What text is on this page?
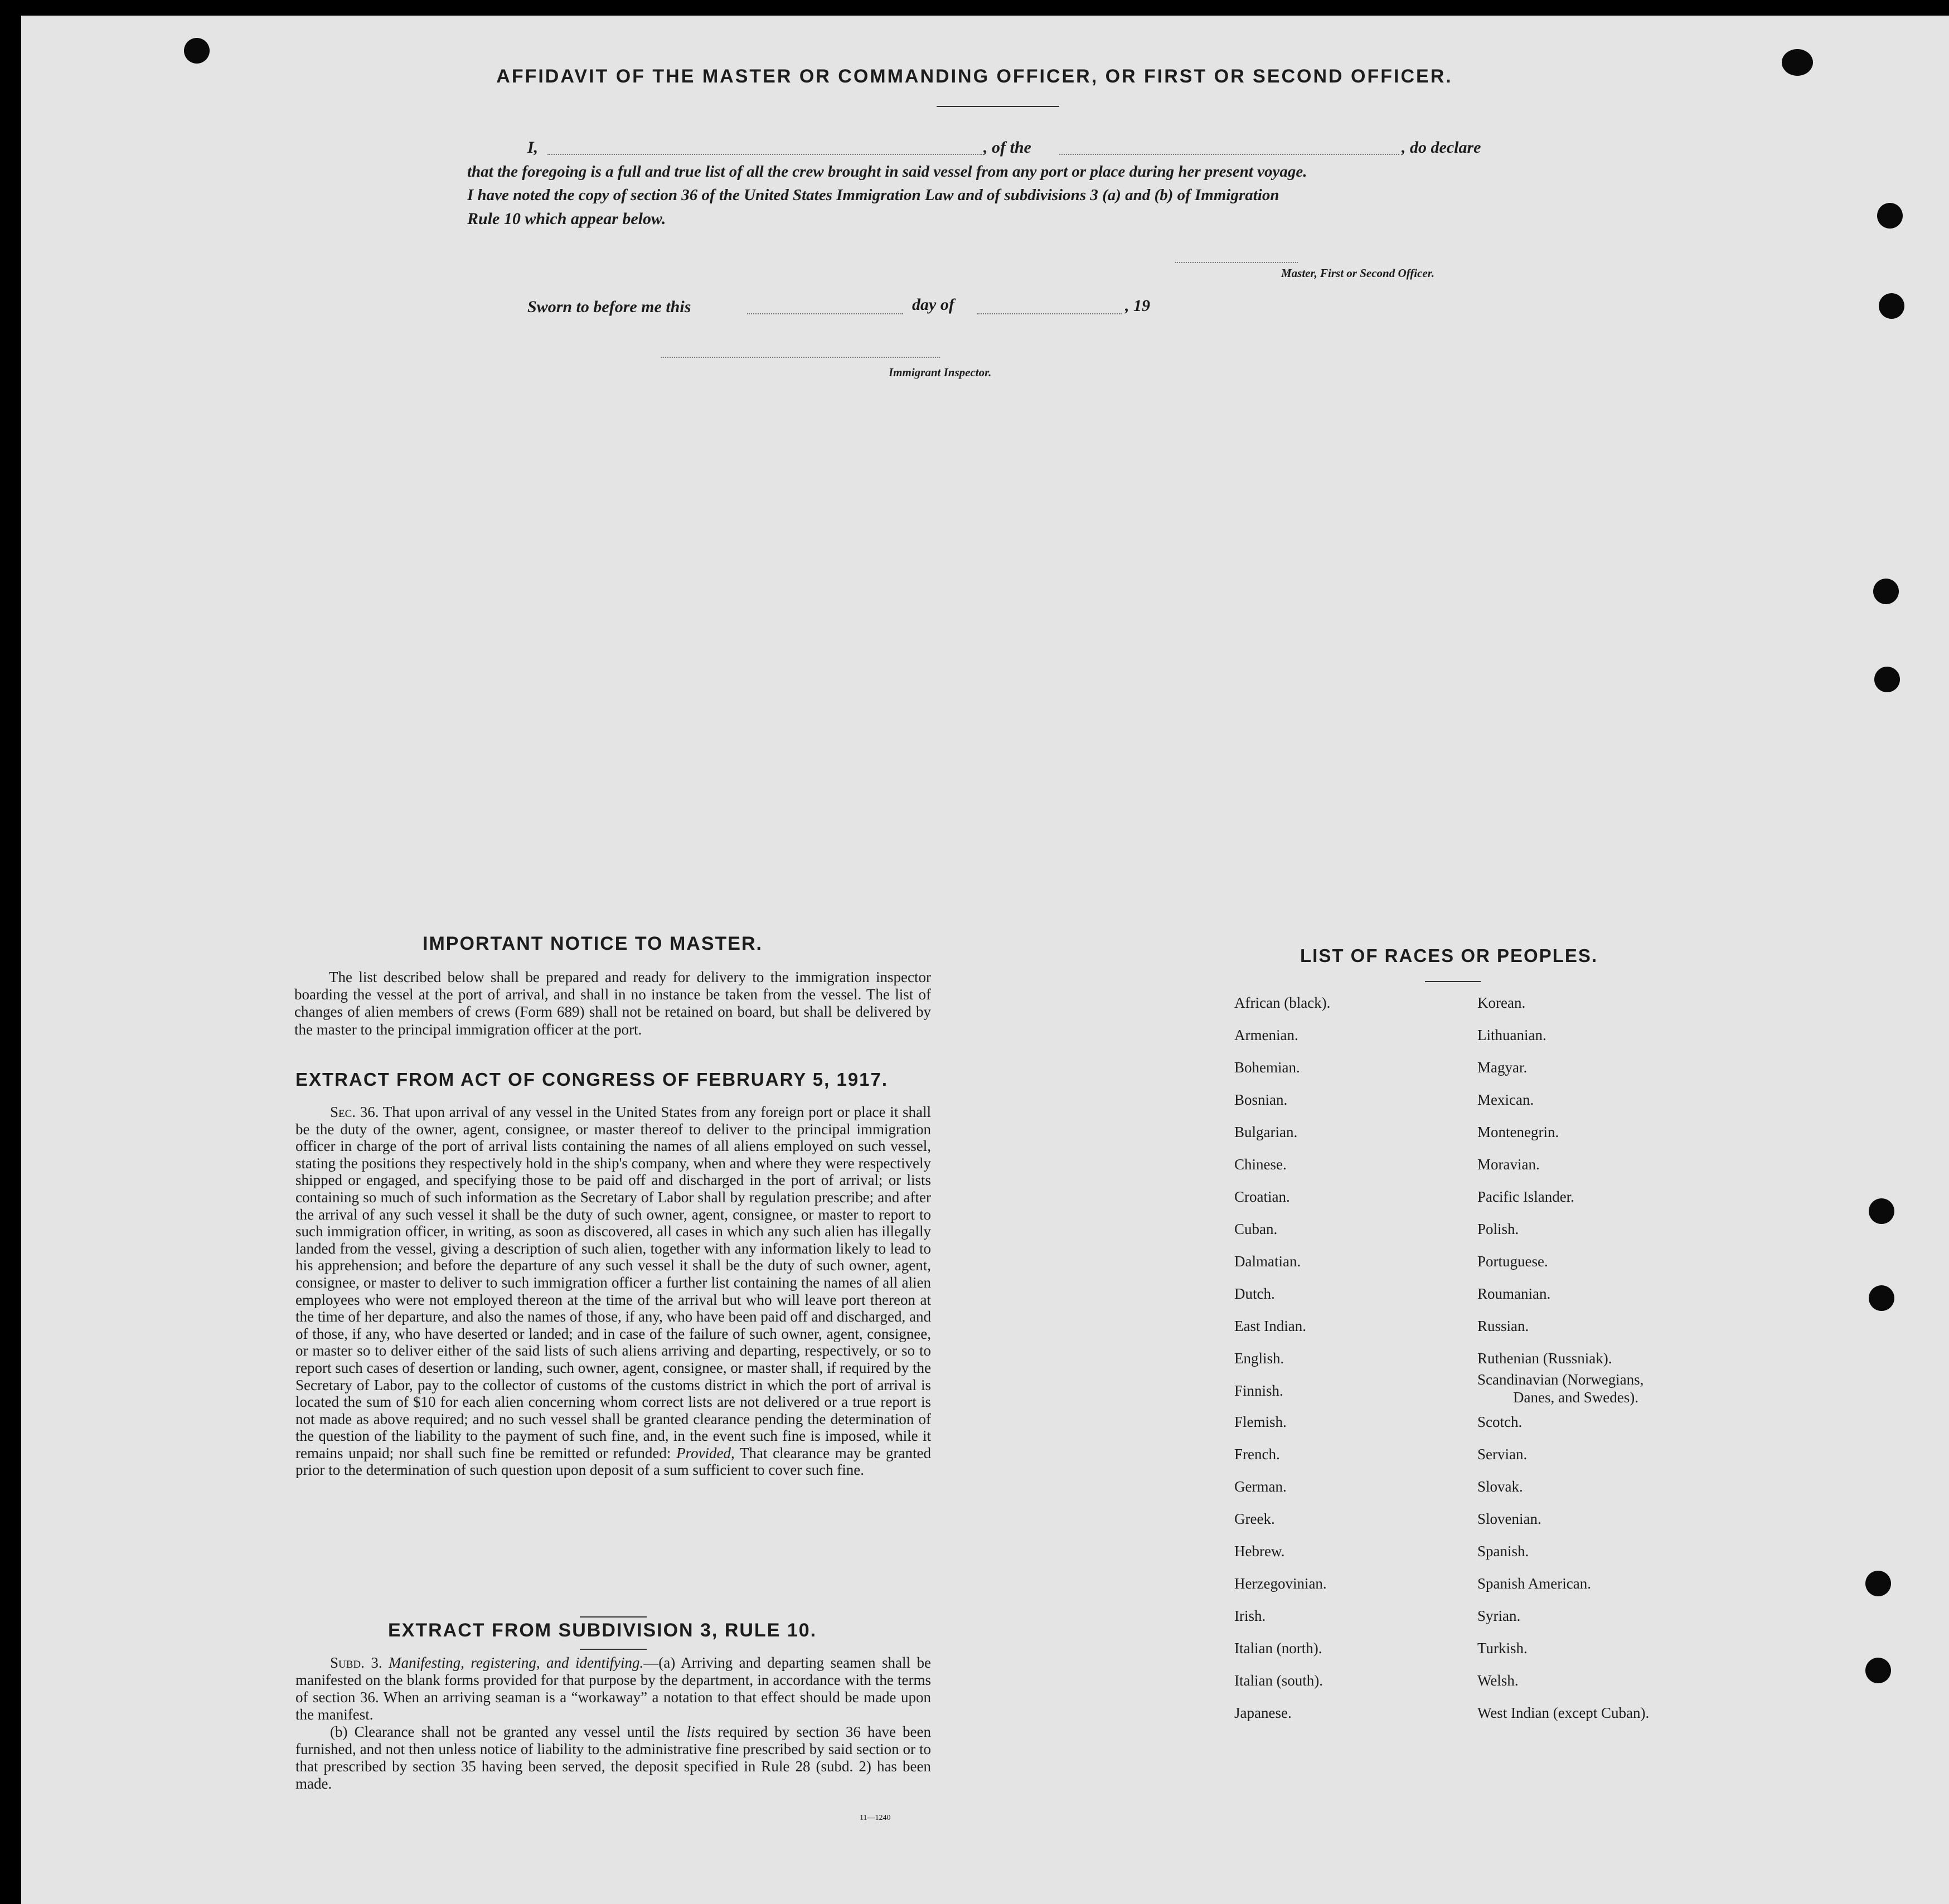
AFFIDAVIT OF THE MASTER OR COMMANDING OFFICER, OR FIRST OR SECOND OFFICER.
I,	, of the	, do declare
that the foregoing is a full and true list of all the crew brought in said vessel from any port or place during her present voyage.
I have noted the copy of section 36 of the United States Immigration Law and of subdivisions 3 (a) and (b) of Immigration
Rule 10 which appear below.
Master, First or Second Officer.
Sworn to before me this	day of	, 19
Immigrant Inspector.
IMPORTANT NOTICE TO MASTER.

The list described below shall be prepared and ready for delivery to the immigration inspector boarding the vessel at the port of arrival, and shall in no instance be taken from the vessel. The list of changes of alien members of crews (Form 689) shall not be retained on board, but shall be delivered by the master to the principal immigration officer at the port.

EXTRACT FROM ACT OF CONGRESS OF FEBRUARY 5, 1917.

Sec. 36. That upon arrival of any vessel in the United States from any foreign port or place it shall be the duty of the owner, agent, consignee, or master thereof to deliver to the principal immigration officer in charge of the port of arrival lists containing the names of all aliens employed on such vessel, stating the positions they respectively hold in the ship's company, when and where they were respectively shipped or engaged, and specifying those to be paid off and discharged in the port of arrival; or lists containing so much of such information as the Secretary of Labor shall by regulation prescribe; and after the arrival of any such vessel it shall be the duty of such owner, agent, consignee, or master to report to such immigration officer, in writing, as soon as discovered, all cases in which any such alien has illegally landed from the vessel, giving a description of such alien, together with any information likely to lead to his apprehension; and before the departure of any such vessel it shall be the duty of such owner, agent, consignee, or master to deliver to such immigration officer a further list containing the names of all alien employees who were not employed thereon at the time of the arrival but who will leave port thereon at the time of her departure, and also the names of those, if any, who have been paid off and discharged, and of those, if any, who have deserted or landed; and in case of the failure of such owner, agent, consignee, or master so to deliver either of the said lists of such aliens arriving and departing, respectively, or so to report such cases of desertion or landing, such owner, agent, consignee, or master shall, if required by the Secretary of Labor, pay to the collector of customs of the customs district in which the port of arrival is located the sum of $10 for each alien concerning whom correct lists are not delivered or a true report is not made as above required; and no such vessel shall be granted clearance pending the determination of the question of the liability to the payment of such fine, and, in the event such fine is imposed, while it remains unpaid; nor shall such fine be remitted or refunded: Provided, That clearance may be granted prior to the determination of such question upon deposit of a sum sufficient to cover such fine.

EXTRACT FROM SUBDIVISION 3, RULE 10.

Subd. 3. Manifesting, registering, and identifying.—(a) Arriving and departing seamen shall be manifested on the blank forms provided for that purpose by the department, in accordance with the terms of section 36. When an arriving seaman is a “workaway” a notation to that effect should be made upon the manifest.

(b) Clearance shall not be granted any vessel until the lists required by section 36 have been furnished, and not then unless notice of liability to the administrative fine prescribed by said section or to that prescribed by section 35 having been served, the deposit specified in Rule 28 (subd. 2) has been made.

11—1240
LIST OF RACES OR PEOPLES.
African (black).
Armenian.
Bohemian.
Bosnian.
Bulgarian.
Chinese.
Croatian.
Cuban.
Dalmatian.
Dutch.
East Indian.
English.
Finnish.
Flemish.
French.
German.
Greek.
Hebrew.
Herzegovinian.
Irish.
Italian (north).
Italian (south).
Japanese.
Korean.
Lithuanian.
Magyar.
Mexican.
Montenegrin.
Moravian.
Pacific Islander.
Polish.
Portuguese.
Roumanian.
Russian.
Ruthenian (Russniak).
Scandinavian (Norwegians,
Scotch.
Servian.
Slovak.
Slovenian.
Spanish.
Spanish American.
Syrian.
Turkish.
Welsh.
West Indian (except Cuban).
Danes, and Swedes).
